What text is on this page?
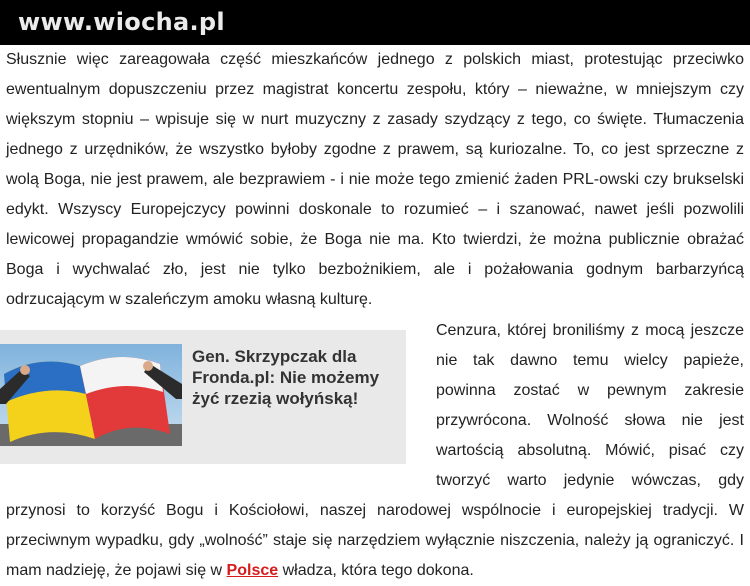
www.wiocha.pl

Słusznie więc zareagowała część mieszkańców jednego z polskich miast, protestując przeciwko ewentualnym dopuszczeniu przez magistrat koncertu zespołu, który – nieważne, w mniejszym czy większym stopniu – wpisuje się w nurt muzyczny z zasady szydzący z tego, co święte. Tłumaczenia jednego z urzędników, że wszystko byłoby zgodne z prawem, są kuriozalne. To, co jest sprzeczne z wolą Boga, nie jest prawem, ale bezprawiem - i nie może tego zmienić żaden PRL-owski czy brukselski edykt. Wszyscy Europejczycy powinni doskonale to rozumieć – i szanować, nawet jeśli pozwolili lewicowej propagandzie wmówić sobie, że Boga nie ma. Kto twierdzi, że można publicznie obrażać Boga i wychwalać zło, jest nie tylko bezbożnikiem, ale i pożałowania godnym barbarzyńcą odrzucającym w szaleńczym amoku własną kulturę.

Cenzura, której broniliśmy z mocą jeszcze nie tak dawno temu wielcy papieże, powinna zostać w pewnym zakresie przywrócona. Wolność słowa nie jest wartością absolutną. Mówić, pisać czy tworzyć warto jedynie wówczas, gdy przynosi to korzyść Bogu i Kościołowi, naszej narodowej wspólnocie i europejskiej tradycji. W przeciwnym wypadku, gdy „wolność” staje się narzędziem wyłącznie niszczenia, należy ją ograniczyć. I mam nadzieję, że pojawi się w Polsce władza, która tego dokona.
Gen. Skrzypczak dla Fronda.pl: Nie możemy żyć rzezią wołyńską!
